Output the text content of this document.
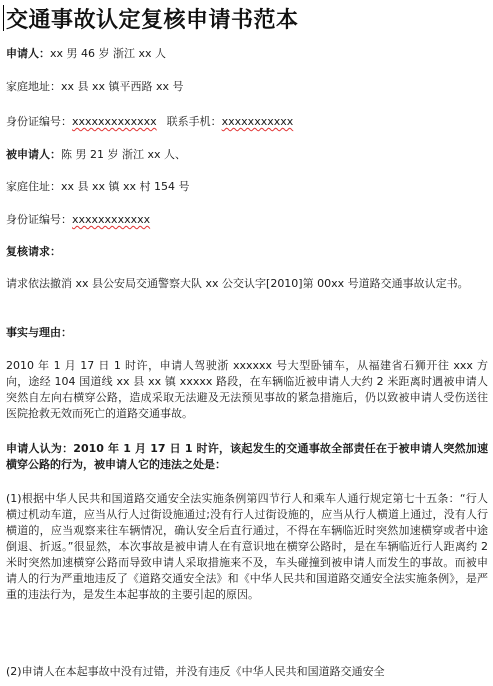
交通事故认定复核申请书范本
申请人：xx 男 46 岁 浙江 xx 人
家庭地址：xx 县 xx 镇平西路 xx 号
身份证编号：xxxxxxxxxxxxx 联系手机：xxxxxxxxxxx
被申请人：陈 男 21 岁 浙江 xx 人、
家庭住址：xx 县 xx 镇 xx 村 154 号
身份证编号：xxxxxxxxxxxx
复核请求：
请求依法撤消 xx 县公安局交通警察大队 xx 公交认字[2010]第 00xx 号道路交通事故认定书。
事实与理由：
2010 年 1 月 17 日 1 时许，申请人驾驶浙 xxxxxx 号大型卧铺车，从福建省石狮开往 xxx 方向，途经 104 国道线 xx 县 xx 镇 xxxxx 路段，在车辆临近被申请人大约 2 米距离时遇被申请人突然自左向右横穿公路，造成采取无法避及无法预见事故的紧急措施后，仍以致被申请人受伤送往医院抢救无效而死亡的道路交通事故。
申请人认为：2010 年 1 月 17 日 1 时许，该起发生的交通事故全部责任在于被申请人突然加速横穿公路的行为，被申请人它的违法之处是：
(1)根据中华人民共和国道路交通安全法实施条例第四节行人和乘车人通行规定第七十五条：“行人横过机动车道，应当从行人过街设施通过;没有行人过街设施的，应当从行人横道上通过，没有人行横道的，应当观察来往车辆情况，确认安全后直行通过，不得在车辆临近时突然加速横穿或者中途倒退、折返。”很显然，本次事故是被申请人在有意识地在横穿公路时，是在车辆临近行人距离约 2 米时突然加速横穿公路而导致申请人采取措施来不及，车头碰撞到被申请人而发生的事故。而被申请人的行为严重地违反了《道路交通安全法》和《中华人民共和国道路交通安全法实施条例》，是严重的违法行为，是发生本起事故的主要引起的原因。
(2)申请人在本起事故中没有过错，并没有违反《中华人民共和国道路交通安全
